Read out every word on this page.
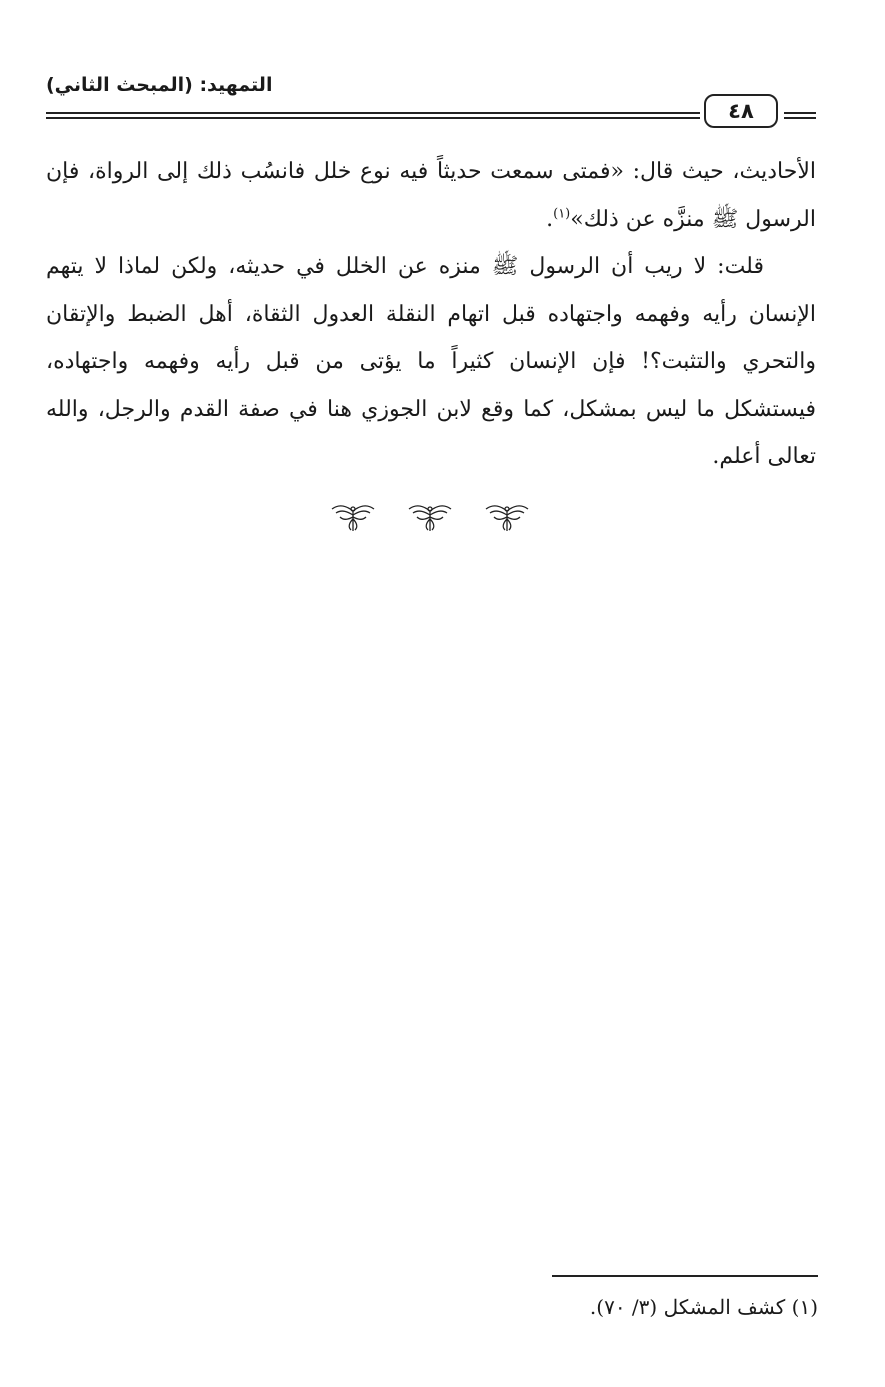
التمهيد: (المبحث الثاني)
٤٨

الأحاديث، حيث قال: «فمتى سمعت حديثاً فيه نوع خلل فانسُب ذلك إلى الرواة، فإن الرسول ﷺ منزَّه عن ذلك»$^{(١)}$.

قلت: لا ريب أن الرسول ﷺ منزه عن الخلل في حديثه، ولكن لماذا لا يتهم الإنسان رأيه وفهمه واجتهاده قبل اتهام النقلة العدول الثقاة، أهل الضبط والإتقان والتحري والتثبت؟! فإن الإنسان كثيراً ما يؤتى من قبل رأيه وفهمه واجتهاده، فيستشكل ما ليس بمشكل، كما وقع لابن الجوزي هنا في صفة القدم والرجل، والله تعالى أعلم.

(١) كشف المشكل (٣/ ٧٠).
